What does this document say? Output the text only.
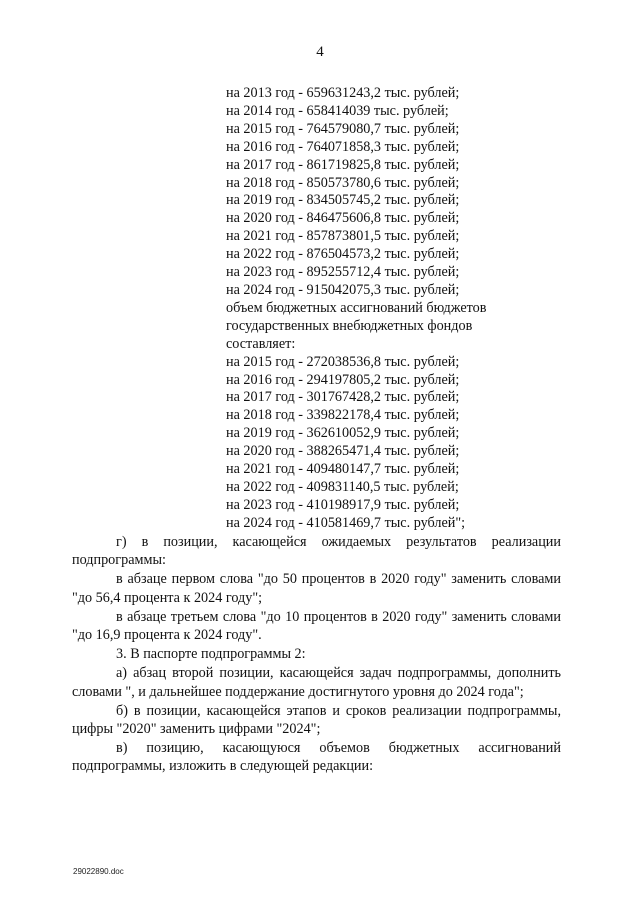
4
на 2013 год - 659631243,2 тыс. рублей;
на 2014 год - 658414039 тыс. рублей;
на 2015 год - 764579080,7 тыс. рублей;
на 2016 год - 764071858,3 тыс. рублей;
на 2017 год - 861719825,8 тыс. рублей;
на 2018 год - 850573780,6 тыс. рублей;
на 2019 год - 834505745,2 тыс. рублей;
на 2020 год - 846475606,8 тыс. рублей;
на 2021 год - 857873801,5 тыс. рублей;
на 2022 год - 876504573,2 тыс. рублей;
на 2023 год - 895255712,4 тыс. рублей;
на 2024 год - 915042075,3 тыс. рублей;
объем бюджетных ассигнований бюджетов
государственных внебюджетных фондов
составляет:
на 2015 год - 272038536,8 тыс. рублей;
на 2016 год - 294197805,2 тыс. рублей;
на 2017 год - 301767428,2 тыс. рублей;
на 2018 год - 339822178,4 тыс. рублей;
на 2019 год - 362610052,9 тыс. рублей;
на 2020 год - 388265471,4 тыс. рублей;
на 2021 год - 409480147,7 тыс. рублей;
на 2022 год - 409831140,5 тыс. рублей;
на 2023 год - 410198917,9 тыс. рублей;
на 2024 год - 410581469,7 тыс. рублей";

г) в позиции, касающейся ожидаемых результатов реализации подпрограммы:

в абзаце первом слова "до 50 процентов в 2020 году" заменить словами "до 56,4 процента к 2024 году";

в абзаце третьем слова "до 10 процентов в 2020 году" заменить словами "до 16,9 процента к 2024 году".

3. В паспорте подпрограммы 2:

а) абзац второй позиции, касающейся задач подпрограммы, дополнить словами ", и дальнейшее поддержание достигнутого уровня до 2024 года";

б) в позиции, касающейся этапов и сроков реализации подпрограммы, цифры "2020" заменить цифрами "2024";

в) позицию, касающуюся объемов бюджетных ассигнований подпрограммы, изложить в следующей редакции:

29022890.doc
